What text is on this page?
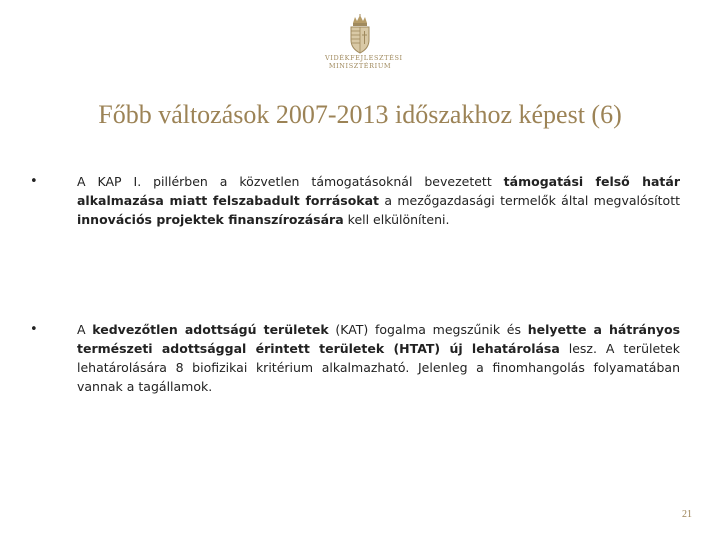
VIDÉKFEJLESZTÉSI
MINISZTÉRIUM
Főbb változások 2007-2013 időszakhoz képest (6)
•	A KAP I. pillérben a közvetlen támogatásoknál bevezetett támogatási felső határ alkalmazása miatt felszabadult forrásokat a mezőgazdasági termelők által megvalósított innovációs projektek finanszírozására kell elkülöníteni.
•	A kedvezőtlen adottságú területek (KAT) fogalma megszűnik és helyette a hátrányos természeti adottsággal érintett területek (HTAT) új lehatárolása lesz. A területek lehatárolására 8 biofizikai kritérium alkalmazható. Jelenleg a finomhangolás folyamatában vannak a tagállamok.
21
